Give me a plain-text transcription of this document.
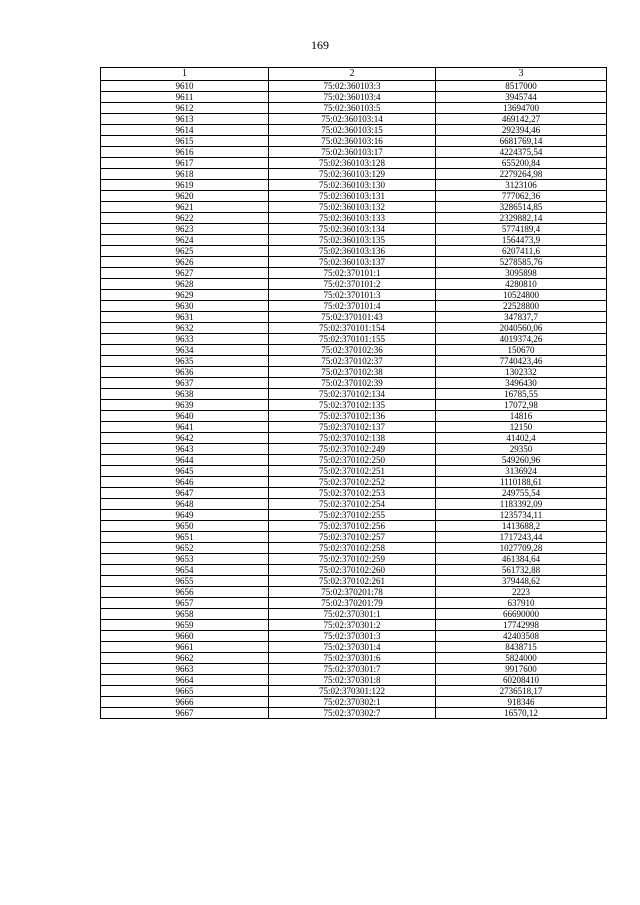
169
1	2	3
9610	75:02:360103:3	8517000
9611	75:02:360103:4	3945744
9612	75:02:360103:5	13694700
9613	75:02:360103:14	469142,27
9614	75:02:360103:15	292394,46
9615	75:02:360103:16	6681769,14
9616	75:02:360103:17	4224375,54
9617	75:02:360103:128	655200,84
9618	75:02:360103:129	2279264,98
9619	75:02:360103:130	3123106
9620	75:02:360103:131	777062,36
9621	75:02:360103:132	3286514,85
9622	75:02:360103:133	2329882,14
9623	75:02:360103:134	5774189,4
9624	75:02:360103:135	1564473,9
9625	75:02:360103:136	6207411,6
9626	75:02:360103:137	5278585,76
9627	75:02:370101:1	3095898
9628	75:02:370101:2	4280810
9629	75:02:370101:3	10524800
9630	75:02:370101:4	22528800
9631	75:02:370101:43	347837,7
9632	75:02:370101:154	2040560,06
9633	75:02:370101:155	4019374,26
9634	75:02:370102:36	150670
9635	75:02:370102:37	7740423,46
9636	75:02:370102:38	1302332
9637	75:02:370102:39	3496430
9638	75:02:370102:134	16785,55
9639	75:02:370102:135	17072,98
9640	75:02:370102:136	14816
9641	75:02:370102:137	12150
9642	75:02:370102:138	41402,4
9643	75:02:370102:249	29350
9644	75:02:370102:250	549260,96
9645	75:02:370102:251	3136924
9646	75:02:370102:252	1110188,61
9647	75:02:370102:253	249755,54
9648	75:02:370102:254	1183392,09
9649	75:02:370102:255	1235734,11
9650	75:02:370102:256	1413688,2
9651	75:02:370102:257	1717243,44
9652	75:02:370102:258	1027709,28
9653	75:02:370102:259	461384,64
9654	75:02:370102:260	561732,88
9655	75:02:370102:261	379448,62
9656	75:02:370201:78	2223
9657	75:02:370201:79	637910
9658	75:02:370301:1	66690000
9659	75:02:370301:2	17742998
9660	75:02:370301:3	42403508
9661	75:02:370301:4	8438715
9662	75:02:370301:6	5824000
9663	75:02:370301:7	9917600
9664	75:02:370301:8	60208410
9665	75:02:370301:122	2736518,17
9666	75:02:370302:1	918346
9667	75:02:370302:7	16570,12
